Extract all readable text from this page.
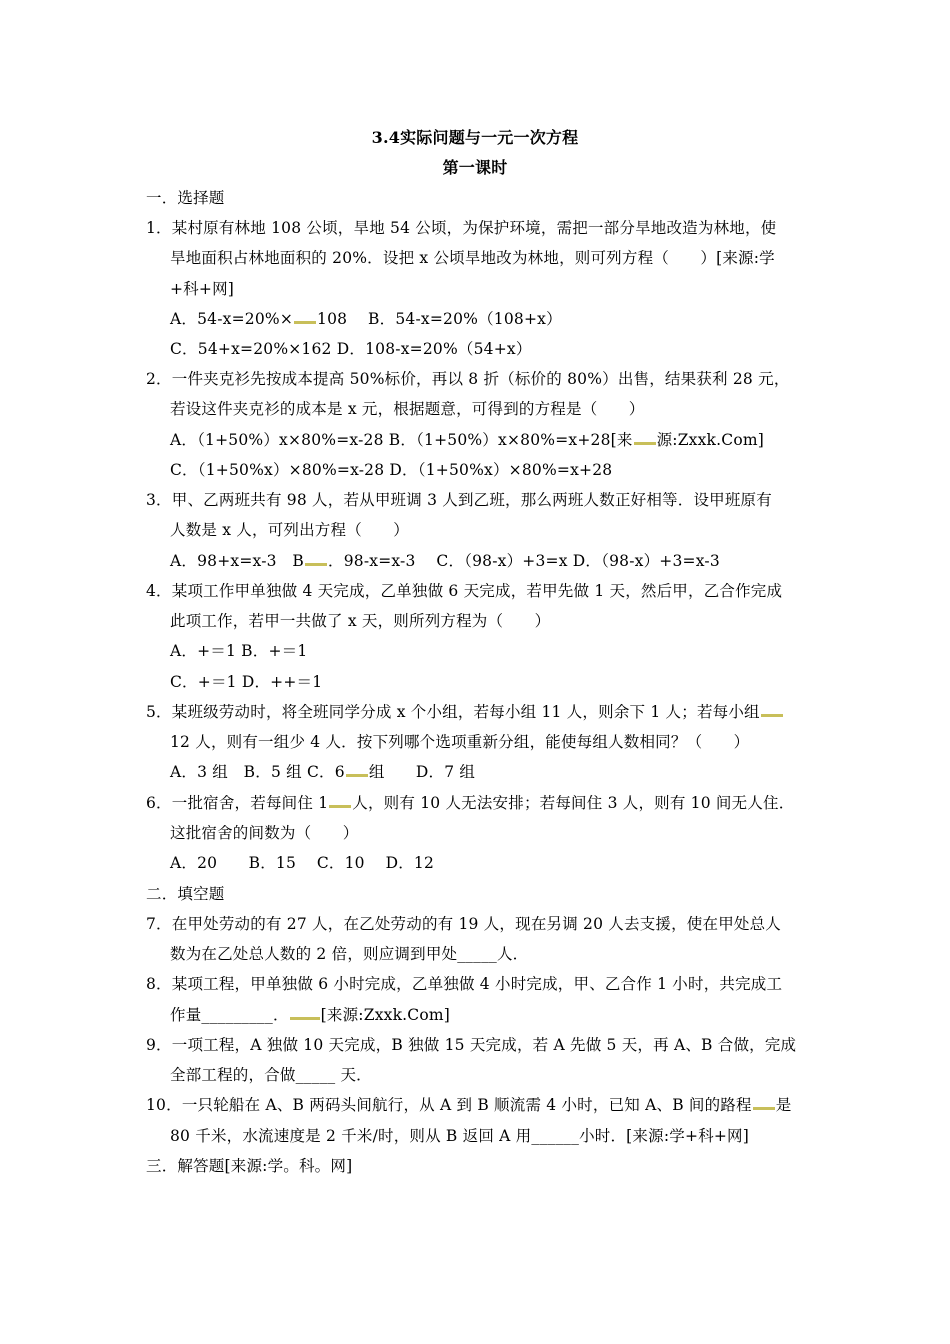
3.4实际问题与一元一次方程
第一课时
一．选择题
1．某村原有林地 108 公顷，旱地 54 公顷，为保护环境，需把一部分旱地改造为林地，使
旱地面积占林地面积的 20%．设把 x 公顷旱地改为林地，则可列方程（　　）[来源:学
+科+网]
A．54-x=20%× 108　 B．54-x=20%（108+x）
C．54+x=20%×162 D．108-x=20%（54+x）
2．一件夹克衫先按成本提高 50%标价，再以 8 折（标价的 80%）出售，结果获利 28 元，
若设这件夹克衫的成本是 x 元，根据题意，可得到的方程是（　　）
A．（1+50%）x×80%=x-28 B．（1+50%）x×80%=x+28[来 源:Zxxk.Com]
C．（1+50%x）×80%=x-28 D．（1+50%x）×80%=x+28
3．甲、乙两班共有 98 人，若从甲班调 3 人到乙班，那么两班人数正好相等．设甲班原有
人数是 x 人，可列出方程（　　）
A．98+x=x-3　B ．98-x=x-3　 C．（98-x）+3=x D．（98-x）+3=x-3
4．某项工作甲单独做 4 天完成，乙单独做 6 天完成，若甲先做 1 天，然后甲，乙合作完成
此项工作，若甲一共做了 x 天，则所列方程为（　　）
A．+＝1 B．+＝1
C．+＝1 D．++＝1
5．某班级劳动时，将全班同学分成 x 个小组，若每小组 11 人，则余下 1 人；若每小组
12 人，则有一组少 4 人．按下列哪个选项重新分组，能使每组人数相同？（　　）
A．3 组　B．5 组 C．6 组　　D．7 组
6．一批宿舍，若每间住 1 人，则有 10 人无法安排；若每间住 3 人，则有 10 间无人住．
这批宿舍的间数为（　　）
A．20　　B．15　 C．10　 D．12
二．填空题
7．在甲处劳动的有 27 人，在乙处劳动的有 19 人，现在另调 20 人去支援，使在甲处总人
数为在乙处总人数的 2 倍，则应调到甲处_____人．
8．某项工程，甲单独做 6 小时完成，乙单独做 4 小时完成，甲、乙合作 1 小时，共完成工
作量_________． [来源:Zxxk.Com]
9．一项工程，A 独做 10 天完成，B 独做 15 天完成，若 A 先做 5 天，再 A、B 合做，完成
全部工程的，合做_____ 天．
10．一只轮船在 A、B 两码头间航行，从 A 到 B 顺流需 4 小时，已知 A、B 间的路程 是
80 千米，水流速度是 2 千米/时，则从 B 返回 A 用______小时．[来源:学+科+网]
三．解答题[来源:学。科。网]
